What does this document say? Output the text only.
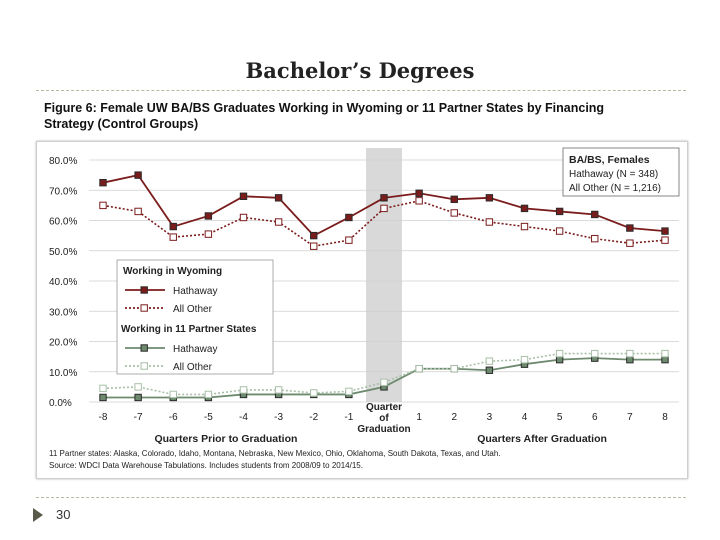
Bachelor’s Degrees
Figure 6: Female UW BA/BS Graduates Working in Wyoming or 11 Partner States by Financing
Strategy (Control Groups)
0.0%
10.0%
20.0%
30.0%
40.0%
50.0%
60.0%
70.0%
80.0%
-8	-7	-6	-5	-4	-3	-2	-1	1	2	3	4	5	6	7	8
Quarter
of
Graduation
Quarters Prior to Graduation	Quarters After Graduation
Working in Wyoming
Hathaway
All Other
Working in 11 Partner States
Hathaway
All Other
BA/BS, Females
Hathaway (N = 348)
All Other (N = 1,216)
11 Partner states: Alaska, Colorado, Idaho, Montana, Nebraska, New Mexico, Ohio, Oklahoma, South Dakota, Texas, and Utah.
Source: WDCI Data Warehouse Tabulations. Includes students from 2008/09 to 2014/15.
30
